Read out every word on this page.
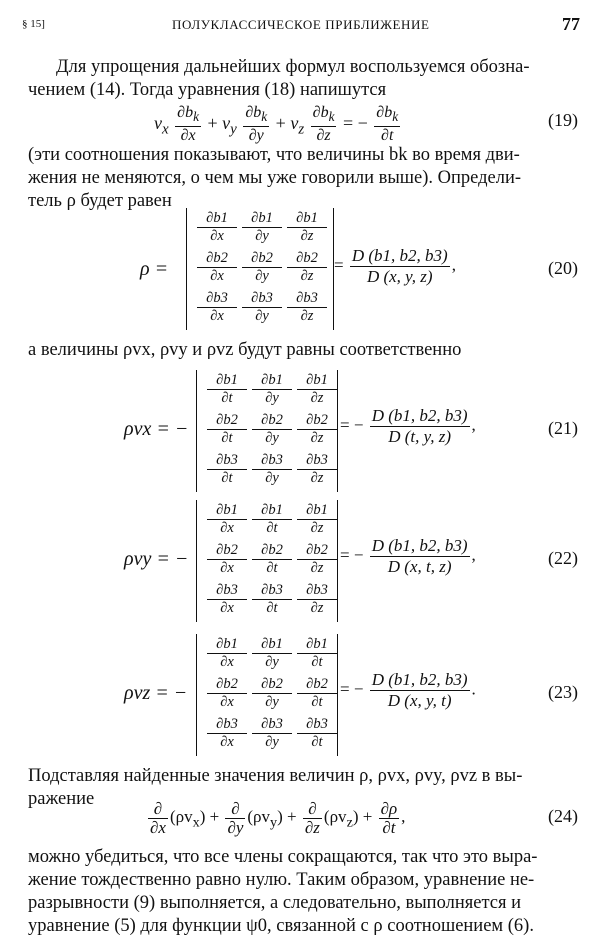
§ 15]	ПОЛУКЛАССИЧЕСКОЕ ПРИБЛИЖЕНИЕ	77
Для упрощения дальнейших формул воспользуемся обозна-
чением (14). Тогда уравнения (18) напишутся
$v_x \frac{\partial b_k}{\partial x} + v_y \frac{\partial b_k}{\partial y} + v_z \frac{\partial b_k}{\partial z}$ = − $\frac{\partial b_k}{\partial t}$	(19)
(эти соотношения показывают, что величины bk во время дви-
жения не меняются, о чем мы уже говорили выше). Определи-
тель ρ будет равен
ρ =
$\frac{\partial b1}{\partial x} \frac{\partial b1}{\partial y} \frac{\partial b1}{\partial z}$
$\frac{\partial b2}{\partial x} \frac{\partial b2}{\partial y} \frac{\partial b2}{\partial z}$
$\frac{\partial b3}{\partial x} \frac{\partial b3}{\partial y} \frac{\partial b3}{\partial z}$
= $\frac{D (b1, b2, b3)}{D (x, y, z)}$ ,	(20)
а величины ρvx, ρvy и ρvz будут равны соответственно
ρvx = −
$\frac{\partial b1}{\partial t} \frac{\partial b1}{\partial y} \frac{\partial b1}{\partial z}$
$\frac{\partial b2}{\partial t} \frac{\partial b2}{\partial y} \frac{\partial b2}{\partial z}$
$\frac{\partial b3}{\partial t} \frac{\partial b3}{\partial y} \frac{\partial b3}{\partial z}$
= − $\frac{D (b1, b2, b3)}{D (t, y, z)}$ ,	(21)
ρvy = −
$\frac{\partial b1}{\partial x} \frac{\partial b1}{\partial t} \frac{\partial b1}{\partial z}$
$\frac{\partial b2}{\partial x} \frac{\partial b2}{\partial t} \frac{\partial b2}{\partial z}$
$\frac{\partial b3}{\partial x} \frac{\partial b3}{\partial t} \frac{\partial b3}{\partial z}$
= − $\frac{D (b1, b2, b3)}{D (x, t, z)}$ ,	(22)
ρvz = −
$\frac{\partial b1}{\partial x} \frac{\partial b1}{\partial y} \frac{\partial b1}{\partial t}$
$\frac{\partial b2}{\partial x} \frac{\partial b2}{\partial y} \frac{\partial b2}{\partial t}$
$\frac{\partial b3}{\partial x} \frac{\partial b3}{\partial y} \frac{\partial b3}{\partial t}$
= − $\frac{D (b1, b2, b3)}{D (x, y, t)}$ .	(23)
Подставляя найденные значения величин ρ, ρvx, ρvy, ρvz в вы-
ражение
$\frac{\partial}{\partial x} (\rho v_x) + \frac{\partial}{\partial y} (\rho v_y) + \frac{\partial}{\partial z} (\rho v_z) + \frac{\partial\rho}{\partial t}$ ,	(24)
можно убедиться, что все члены сокращаются, так что это выра-
жение тождественно равно нулю. Таким образом, уравнение не-
разрывности (9) выполняется, а следовательно, выполняется и
уравнение (5) для функции ψ0, связанной с ρ соотношением (6).
